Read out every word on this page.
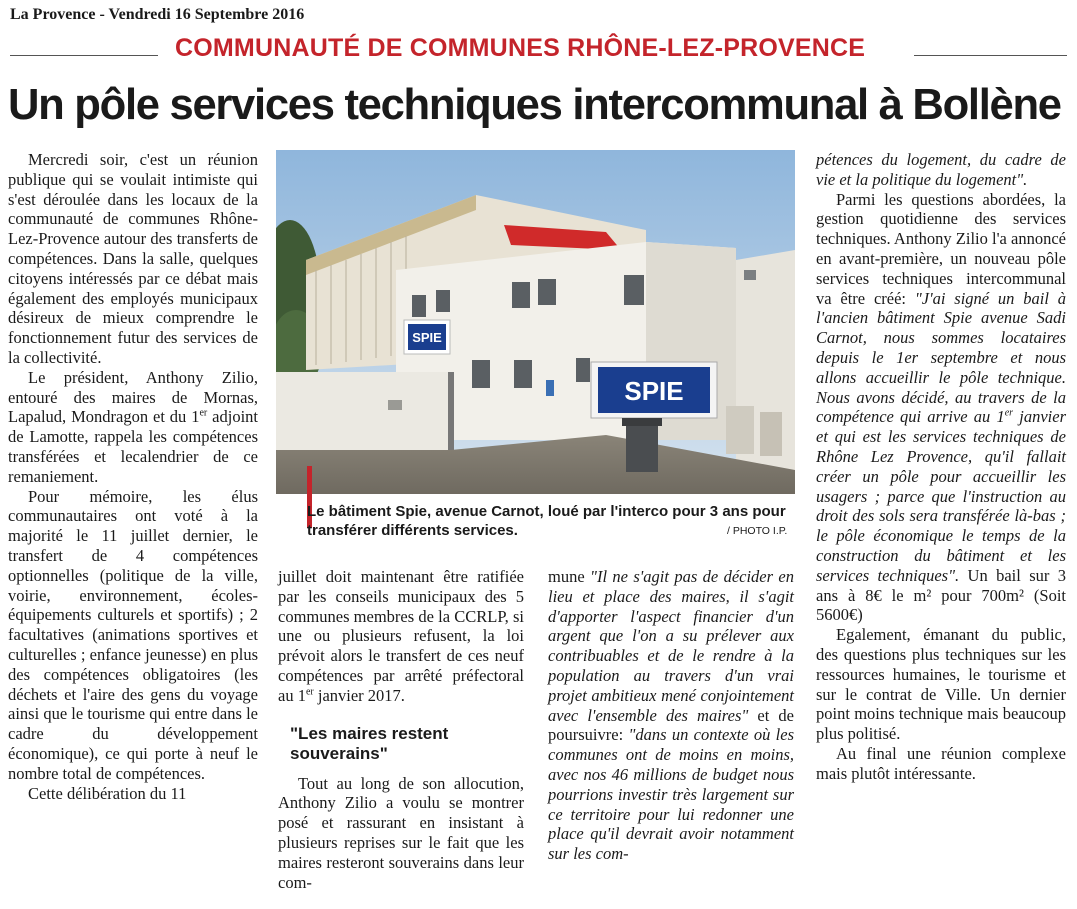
La Provence - Vendredi 16 Septembre 2016
COMMUNAUTÉ DE COMMUNES RHÔNE-LEZ-PROVENCE
Un pôle services techniques intercommunal à Bollène

Mercredi soir, c'est un réunion publique qui se voulait intimiste qui s'est déroulée dans les locaux de la communauté de communes Rhône-Lez-Provence autour des transferts de compétences. Dans la salle, quelques citoyens intéressés par ce débat mais également des employés municipaux désireux de mieux comprendre le fonctionnement futur des services de la collectivité.

Le président, Anthony Zilio, entouré des maires de Mornas, Lapalud, Mondragon et du 1er adjoint de Lamotte, rappela les compétences transférées et lecalendrier de ce remaniement.

Pour mémoire, les élus communautaires ont voté à la majorité le 11 juillet dernier, le transfert de 4 compétences optionnelles (politique de la ville, voirie, environnement, écoles-équipements culturels et sportifs) ; 2 facultatives (animations sportives et culturelles ; enfance jeunesse) en plus des compétences obligatoires (les déchets et l'aire des gens du voyage ainsi que le tourisme qui entre dans le cadre du développement économique), ce qui porte à neuf le nombre total de compétences.

Cette délibération du 11

SPIE
SPIE
Le bâtiment Spie, avenue Carnot, loué par l'interco pour 3 ans pour transférer différents services.	/ PHOTO I.P.

juillet doit maintenant être ratifiée par les conseils municipaux des 5 communes membres de la CCRLP, si une ou plusieurs refusent, la loi prévoit alors le transfert de ces neuf compétences par arrêté préfectoral au 1er janvier 2017.

"Les maires restent souverains"

Tout au long de son allocution, Anthony Zilio a voulu se montrer posé et rassurant en insistant à plusieurs reprises sur le fait que les maires resteront souverains dans leur com-

mune "Il ne s'agit pas de décider en lieu et place des maires, il s'agit d'apporter l'aspect financier d'un argent que l'on a su prélever aux contribuables et de le rendre à la population au travers d'un vrai projet ambitieux mené conjointement avec l'ensemble des maires" et de poursuivre: "dans un contexte où les communes ont de moins en moins, avec nos 46 millions de budget nous pourrions investir très largement sur ce territoire pour lui redonner une place qu'il devrait avoir notamment sur les com-

pétences du logement, du cadre de vie et la politique du logement".

Parmi les questions abordées, la gestion quotidienne des services techniques. Anthony Zilio l'a annoncé en avant-première, un nouveau pôle services techniques intercommunal va être créé: "J'ai signé un bail à l'ancien bâtiment Spie avenue Sadi Carnot, nous sommes locataires depuis le 1er septembre et nous allons accueillir le pôle technique. Nous avons décidé, au travers de la compétence qui arrive au 1er janvier et qui est les services techniques de Rhône Lez Provence, qu'il fallait créer un pôle pour accueillir les usagers ; parce que l'instruction au droit des sols sera transférée là-bas ; le pôle économique le temps de la construction du bâtiment et les services techniques". Un bail sur 3 ans à 8€ le m² pour 700m² (Soit 5600€)

Egalement, émanant du public, des questions plus techniques sur les ressources humaines, le tourisme et sur le contrat de Ville. Un dernier point moins technique mais beaucoup plus politisé.

Au final une réunion complexe mais plutôt intéressante.
